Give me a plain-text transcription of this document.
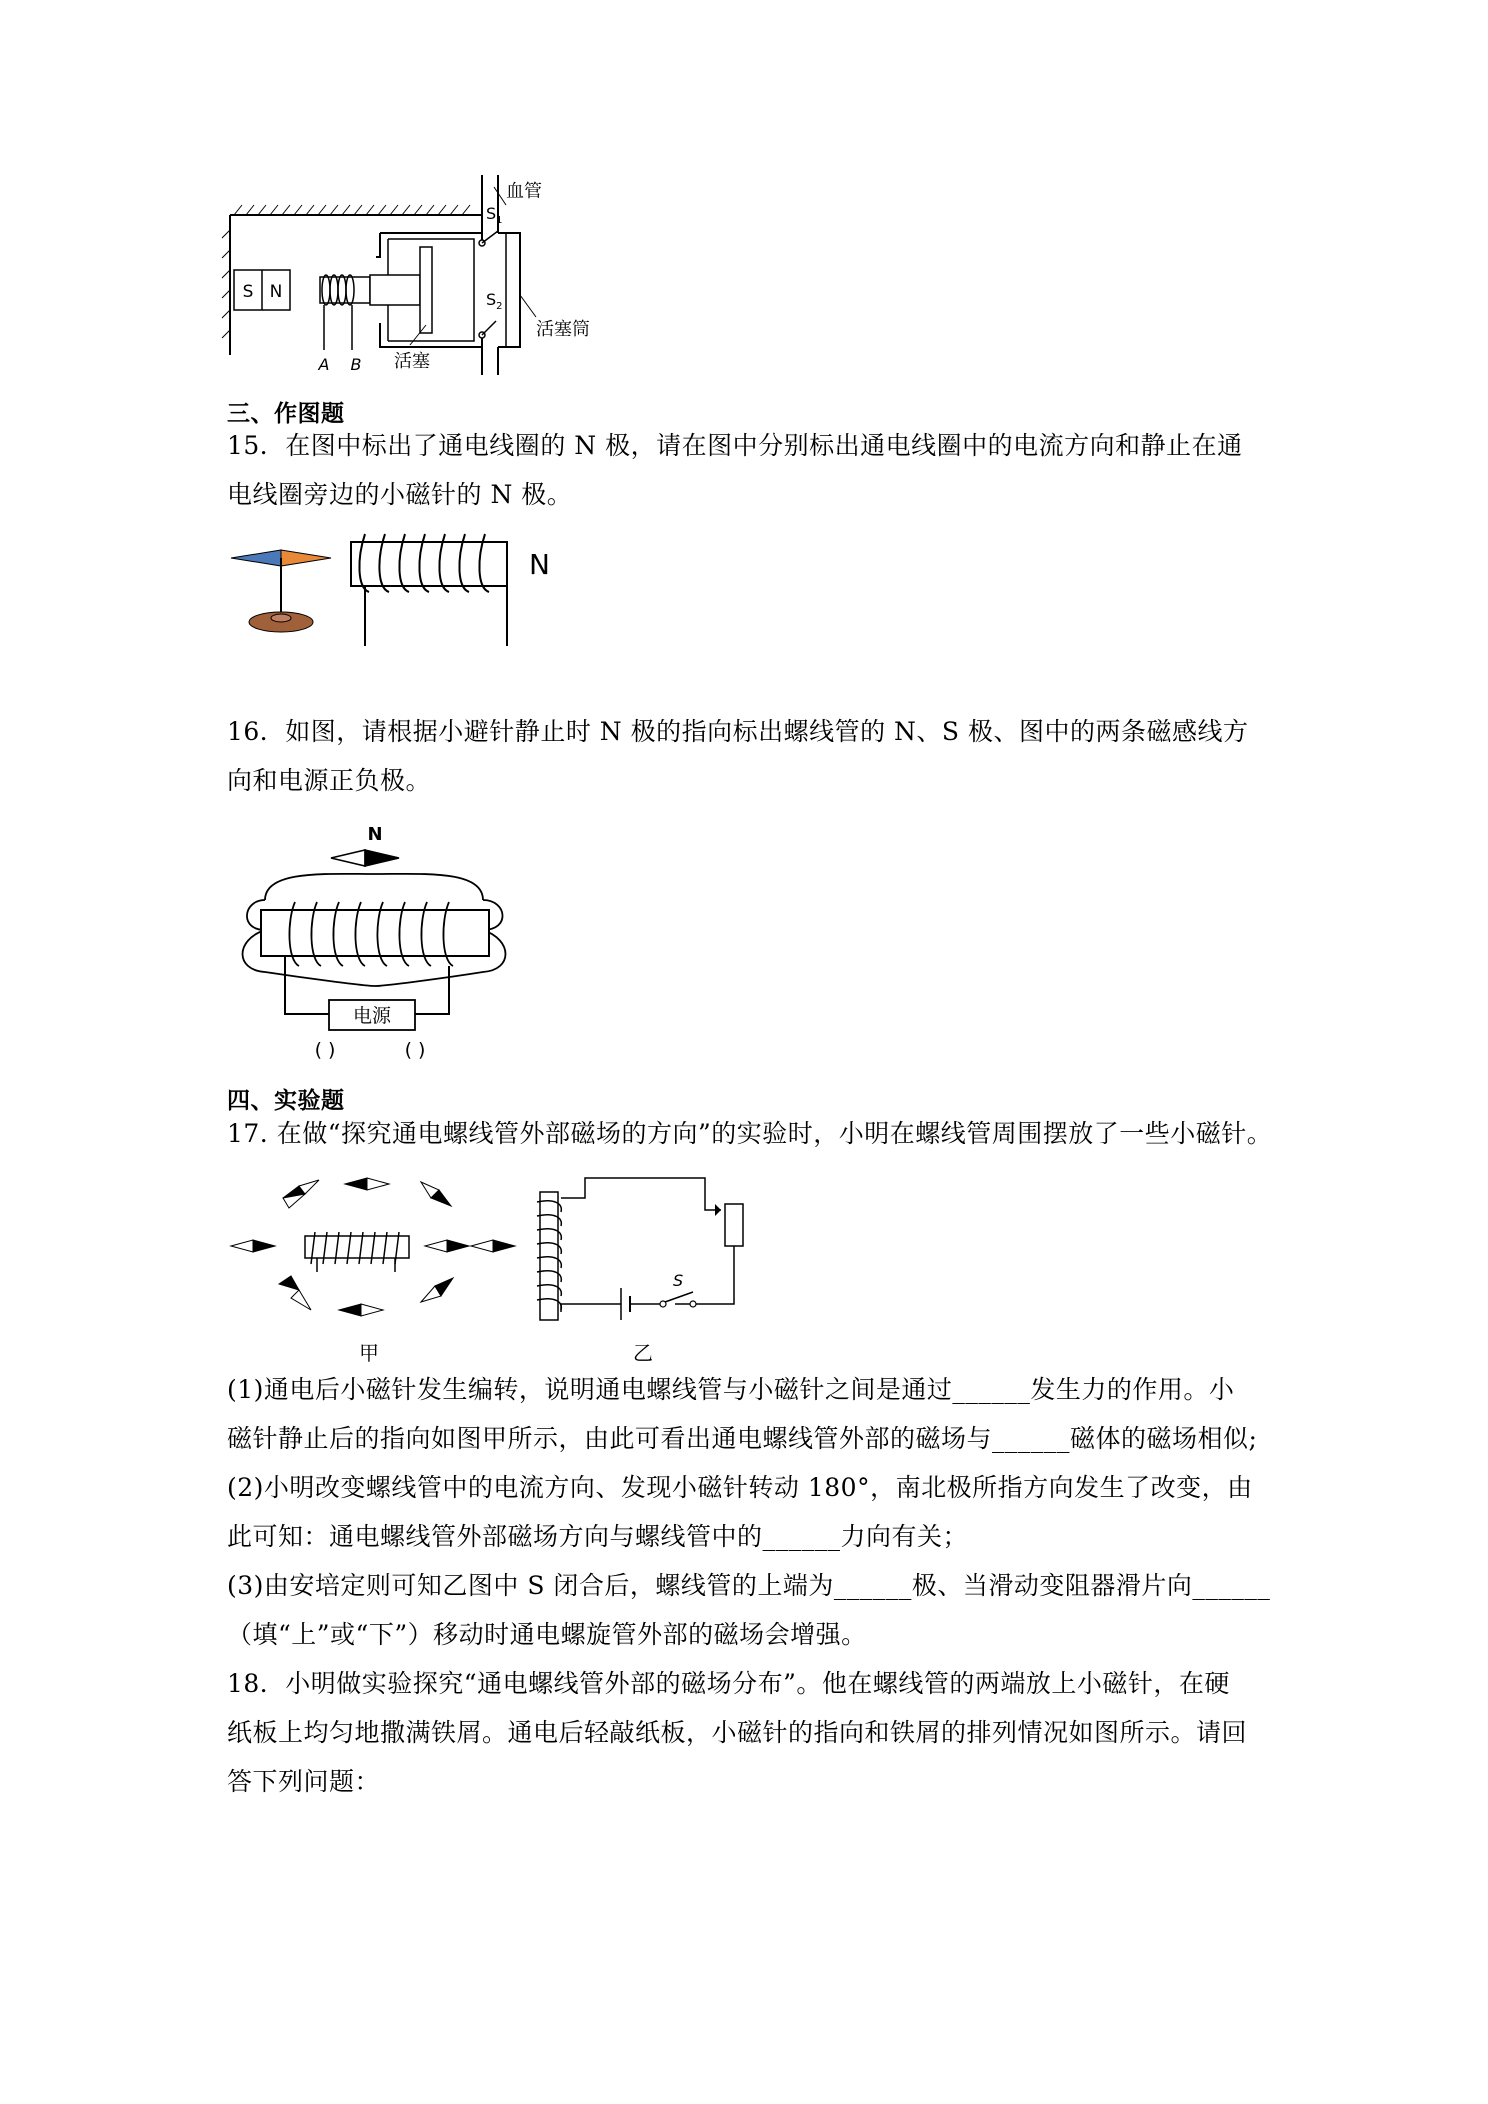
S N
A B
$S_1$
血管
$S_2$
活塞筒
活塞
三、作图题
15．在图中标出了通电线圈的 N 极，请在图中分别标出通电线圈中的电流方向和静止在通
电线圈旁边的小磁针的 N 极。
N
16．如图，请根据小避针静止时 N 极的指向标出螺线管的 N、S 极、图中的两条磁感线方
向和电源正负极。
N
电源
( )	( )
四、实验题
17. 在做“探究通电螺线管外部磁场的方向”的实验时，小明在螺线管周围摆放了一些小磁针。
甲
S
乙
(1)通电后小磁针发生编转，说明通电螺线管与小磁针之间是通过______发生力的作用。小
磁针静止后的指向如图甲所示，由此可看出通电螺线管外部的磁场与______磁体的磁场相似;
(2)小明改变螺线管中的电流方向、发现小磁针转动 180°，南北极所指方向发生了改变，由
此可知：通电螺线管外部磁场方向与螺线管中的______力向有关；
(3)由安培定则可知乙图中 S 闭合后，螺线管的上端为______极、当滑动变阻器滑片向______
（填“上”或“下”）移动时通电螺旋管外部的磁场会增强。
18．小明做实验探究“通电螺线管外部的磁场分布”。他在螺线管的两端放上小磁针，在硬
纸板上均匀地撒满铁屑。通电后轻敲纸板，小磁针的指向和铁屑的排列情况如图所示。请回
答下列问题：
